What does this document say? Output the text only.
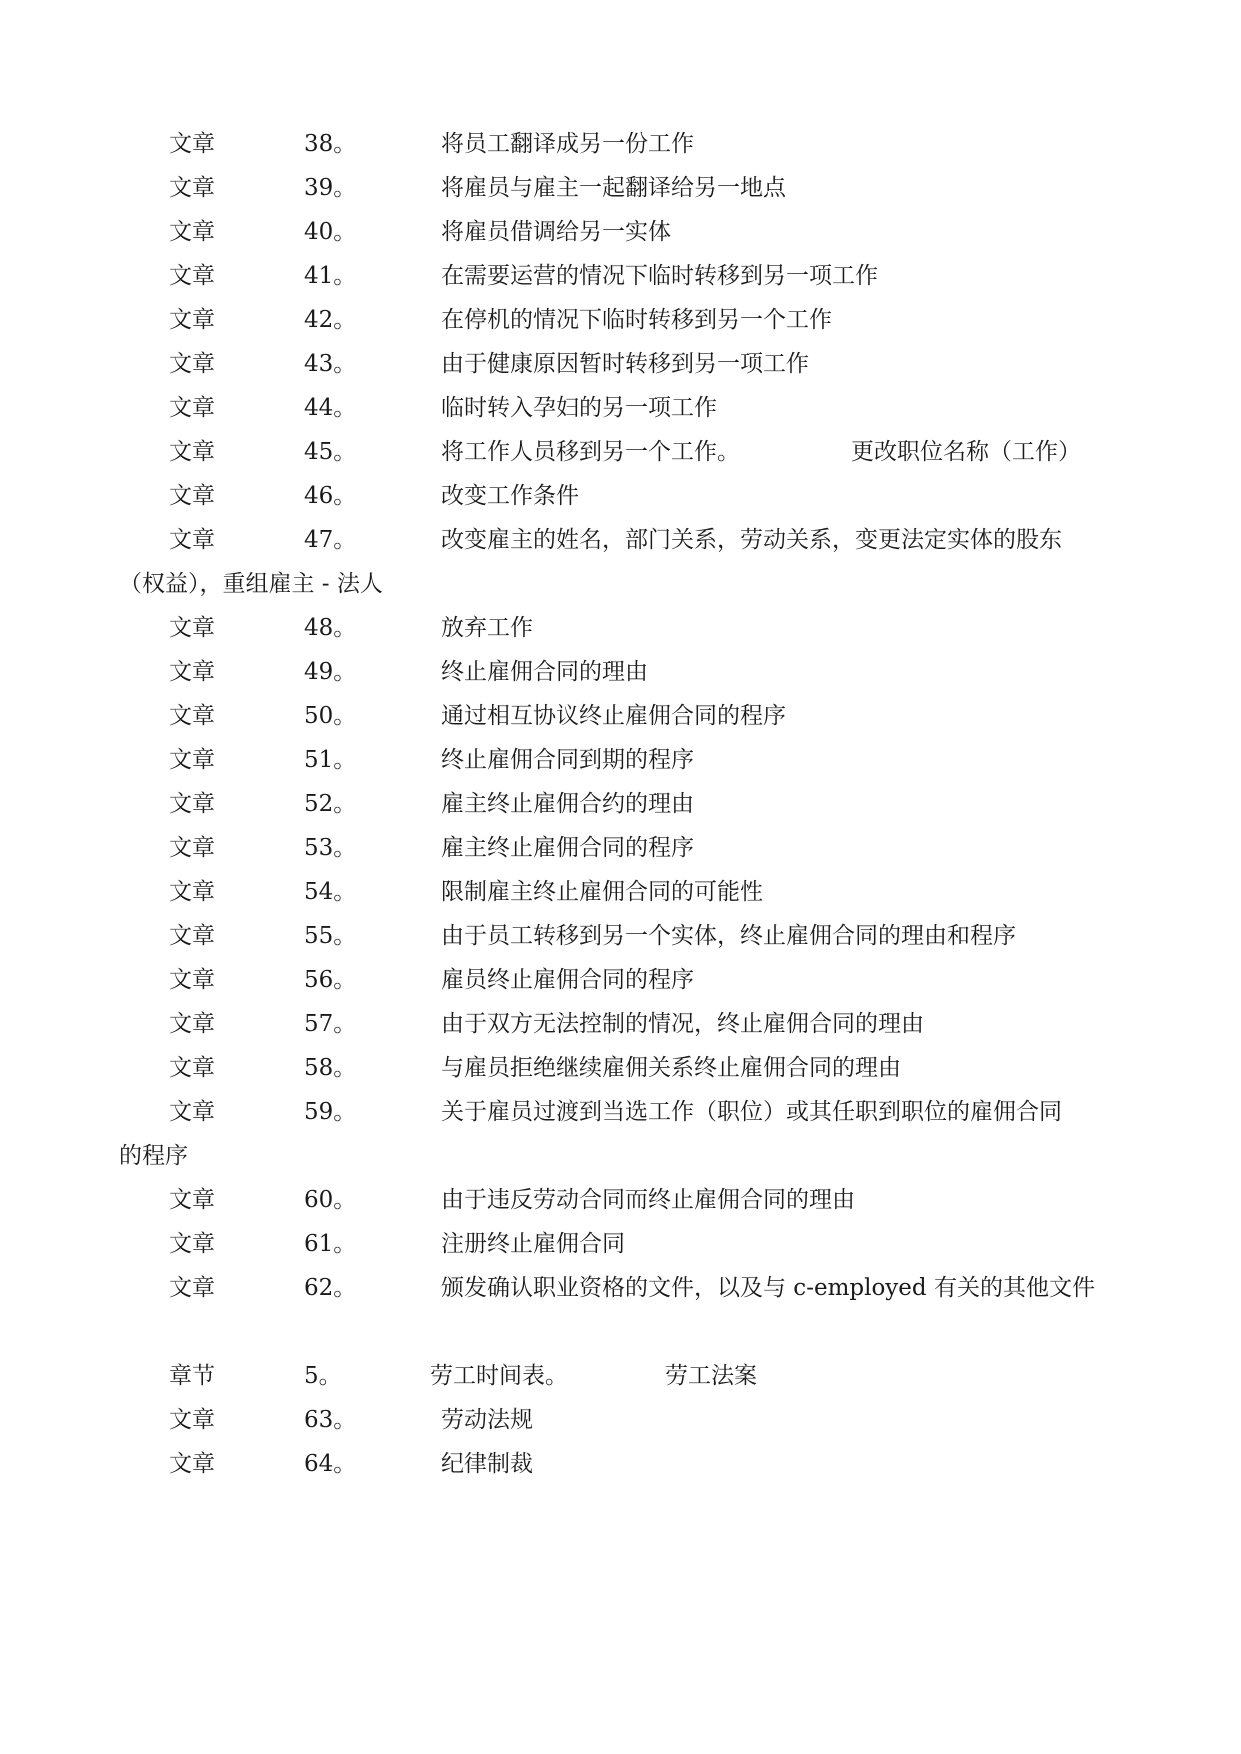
文章	38。	将员工翻译成另一份工作
文章	39。	将雇员与雇主一起翻译给另一地点
文章	40。	将雇员借调给另一实体
文章	41。	在需要运营的情况下临时转移到另一项工作
文章	42。	在停机的情况下临时转移到另一个工作
文章	43。	由于健康原因暂时转移到另一项工作
文章	44。	临时转入孕妇的另一项工作
文章	45。	将工作人员移到另一个工作。	更改职位名称（工作）
文章	46。	改变工作条件
文章	47。	改变雇主的姓名，部门关系，劳动关系，变更法定实体的股东
（权益），重组雇主 - 法人
文章	48。	放弃工作
文章	49。	终止雇佣合同的理由
文章	50。	通过相互协议终止雇佣合同的程序
文章	51。	终止雇佣合同到期的程序
文章	52。	雇主终止雇佣合约的理由
文章	53。	雇主终止雇佣合同的程序
文章	54。	限制雇主终止雇佣合同的可能性
文章	55。	由于员工转移到另一个实体，终止雇佣合同的理由和程序
文章	56。	雇员终止雇佣合同的程序
文章	57。	由于双方无法控制的情况，终止雇佣合同的理由
文章	58。	与雇员拒绝继续雇佣关系终止雇佣合同的理由
文章	59。	关于雇员过渡到当选工作（职位）或其任职到职位的雇佣合同
的程序
文章	60。	由于违反劳动合同而终止雇佣合同的理由
文章	61。	注册终止雇佣合同
文章	62。	颁发确认职业资格的文件，以及与 c-employed 有关的其他文件
章节	5。	劳工时间表。	劳工法案
文章	63。	劳动法规
文章	64。	纪律制裁
